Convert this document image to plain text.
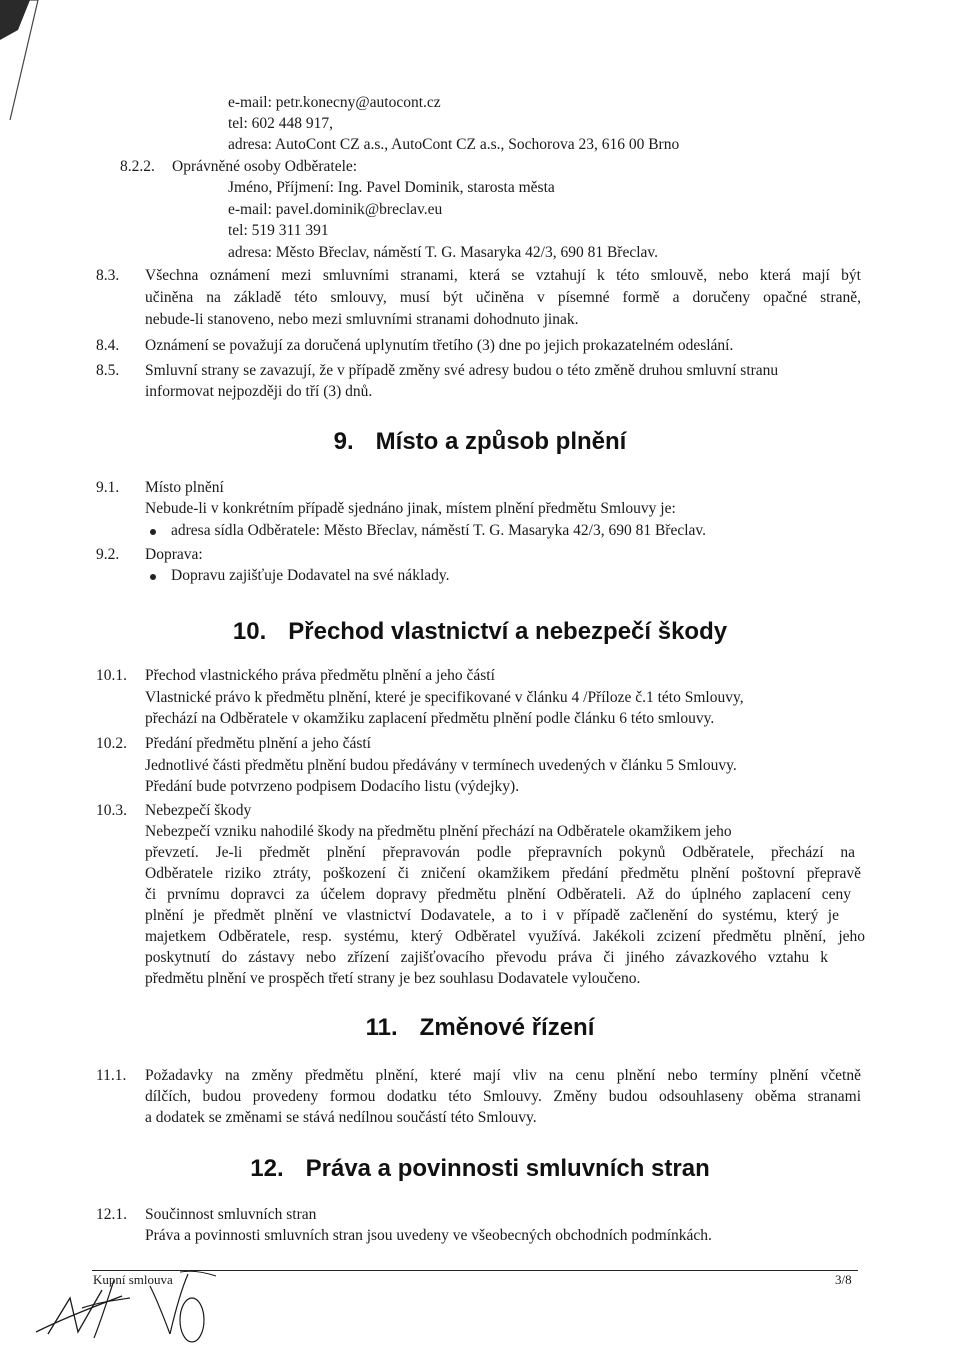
e-mail: petr.konecny@autocont.cz
tel: 602 448 917,
adresa: AutoCont CZ a.s., AutoCont CZ a.s., Sochorova 23, 616 00 Brno
8.2.2. Oprávněné osoby Odběratele:
Jméno, Příjmení: Ing. Pavel Dominik, starosta města
e-mail: pavel.dominik@breclav.eu
tel: 519 311 391
adresa: Město Břeclav, náměstí T. G. Masaryka 42/3, 690 81 Břeclav.
8.3. Všechna oznámení mezi smluvními stranami, která se vztahují k této smlouvě, nebo která mají být
učiněna na základě této smlouvy, musí být učiněna v písemné formě a doručeny opačné straně,
nebude-li stanoveno, nebo mezi smluvními stranami dohodnuto jinak.
8.4. Oznámení se považují za doručená uplynutím třetího (3) dne po jejich prokazatelném odeslání.
8.5. Smluvní strany se zavazují, že v případě změny své adresy budou o této změně druhou smluvní stranu
informovat nejpozději do tří (3) dnů.
9. Místo a způsob plnění
9.1. Místo plnění
Nebude-li v konkrétním případě sjednáno jinak, místem plnění předmětu Smlouvy je:
adresa sídla Odběratele: Město Břeclav, náměstí T. G. Masaryka 42/3, 690 81 Břeclav.
9.2. Doprava:
Dopravu zajišťuje Dodavatel na své náklady.
10. Přechod vlastnictví a nebezpečí škody
10.1. Přechod vlastnického práva předmětu plnění a jeho částí
Vlastnické právo k předmětu plnění, které je specifikované v článku 4 /Příloze č.1 této Smlouvy,
přechází na Odběratele v okamžiku zaplacení předmětu plnění podle článku 6 této smlouvy.
10.2. Předání předmětu plnění a jeho částí
Jednotlivé části předmětu plnění budou předávány v termínech uvedených v článku 5 Smlouvy.
Předání bude potvrzeno podpisem Dodacího listu (výdejky).
10.3. Nebezpečí škody
Nebezpečí vzniku nahodilé škody na předmětu plnění přechází na Odběratele okamžikem jeho
převzetí. Je-li předmět plnění přepravován podle přepravních pokynů Odběratele, přechází na
Odběratele riziko ztráty, poškození či zničení okamžikem předání předmětu plnění poštovní přepravě
či prvnímu dopravci za účelem dopravy předmětu plnění Odběrateli. Až do úplného zaplacení ceny
plnění je předmět plnění ve vlastnictví Dodavatele, a to i v případě začlenění do systému, který je
majetkem Odběratele, resp. systému, který Odběratel využívá. Jakékoli zcizení předmětu plnění, jeho
poskytnutí do zástavy nebo zřízení zajišťovacího převodu práva či jiného závazkového vztahu k
předmětu plnění ve prospěch třetí strany je bez souhlasu Dodavatele vyloučeno.
11. Změnové řízení
11.1. Požadavky na změny předmětu plnění, které mají vliv na cenu plnění nebo termíny plnění včetně
dílčích, budou provedeny formou dodatku této Smlouvy. Změny budou odsouhlaseny oběma stranami
a dodatek se změnami se stává nedílnou součástí této Smlouvy.
12. Práva a povinnosti smluvních stran
12.1. Součinnost smluvních stran
Práva a povinnosti smluvních stran jsou uvedeny ve všeobecných obchodních podmínkách.
Kupní smlouva	3/8
